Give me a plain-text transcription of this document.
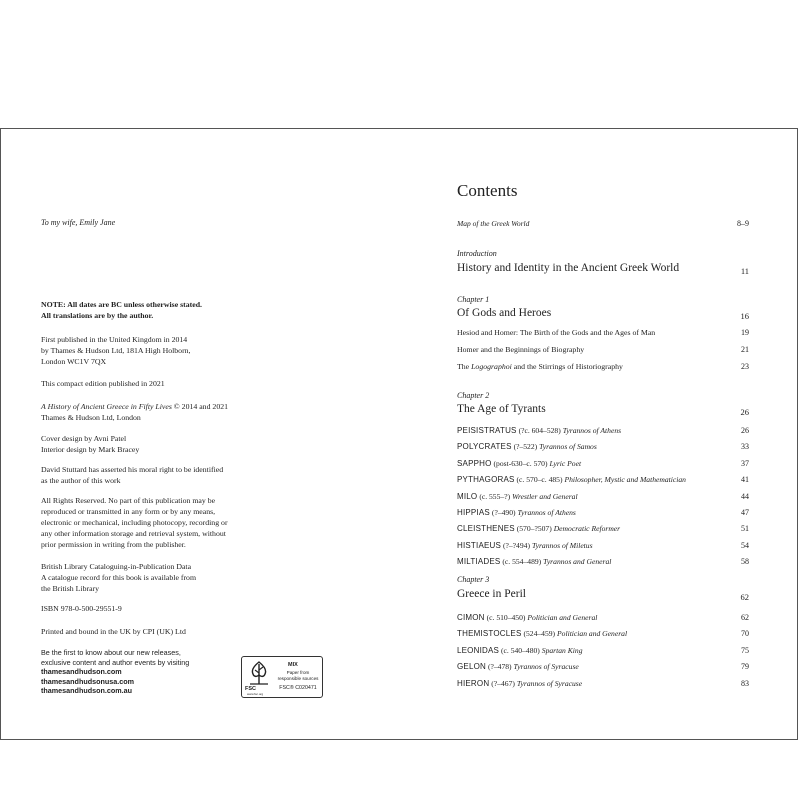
To my wife, Emily Jane
NOTE: All dates are BC unless otherwise stated.
All translations are by the author.
First published in the United Kingdom in 2014
by Thames & Hudson Ltd, 181A High Holborn,
London WC1V 7QX
This compact edition published in 2021
A History of Ancient Greece in Fifty Lives © 2014 and 2021
Thames & Hudson Ltd, London
Cover design by Avni Patel
Interior design by Mark Bracey
David Stuttard has asserted his moral right to be identified
as the author of this work
All Rights Reserved. No part of this publication may be
reproduced or transmitted in any form or by any means,
electronic or mechanical, including photocopy, recording or
any other information storage and retrieval system, without
prior permission in writing from the publisher.
British Library Cataloguing-in-Publication Data
A catalogue record for this book is available from
the British Library
ISBN 978-0-500-29551-9
Printed and bound in the UK by CPI (UK) Ltd
Be the first to know about our new releases,
exclusive content and author events by visiting
thamesandhudson.com
thamesandhudsonusa.com
thamesandhudson.com.au	FSC
www.fsc.org
MIX
Paper from
responsible sources
FSC® C020471
Contents
Map of the Greek World	8–9
Introduction
History and Identity in the Ancient Greek World	11
Chapter 1
Of Gods and Heroes	16
Hesiod and Homer: The Birth of the Gods and the Ages of Man	19
Homer and the Beginnings of Biography	21
The Logographoi and the Stirrings of Historiography	23
Chapter 2
The Age of Tyrants	26
PEISISTRATUS (?c. 604–528) Tyrannos of Athens	26
POLYCRATES (?–522) Tyrannos of Samos	33
SAPPHO (post-630–c. 570) Lyric Poet	37
PYTHAGORAS (c. 570–c. 485) Philosopher, Mystic and Mathematician	41
MILO (c. 555–?) Wrestler and General	44
HIPPIAS (?–490) Tyrannos of Athens	47
CLEISTHENES (570–?507) Democratic Reformer	51
HISTIAEUS (?–?494) Tyrannos of Miletus	54
MILTIADES (c. 554–489) Tyrannos and General	58
Chapter 3
Greece in Peril	62
CIMON (c. 510–450) Politician and General	62
THEMISTOCLES (524–459) Politician and General	70
LEONIDAS (c. 540–480) Spartan King	75
GELON (?–478) Tyrannos of Syracuse	79
HIERON (?–467) Tyrannos of Syracuse	83
